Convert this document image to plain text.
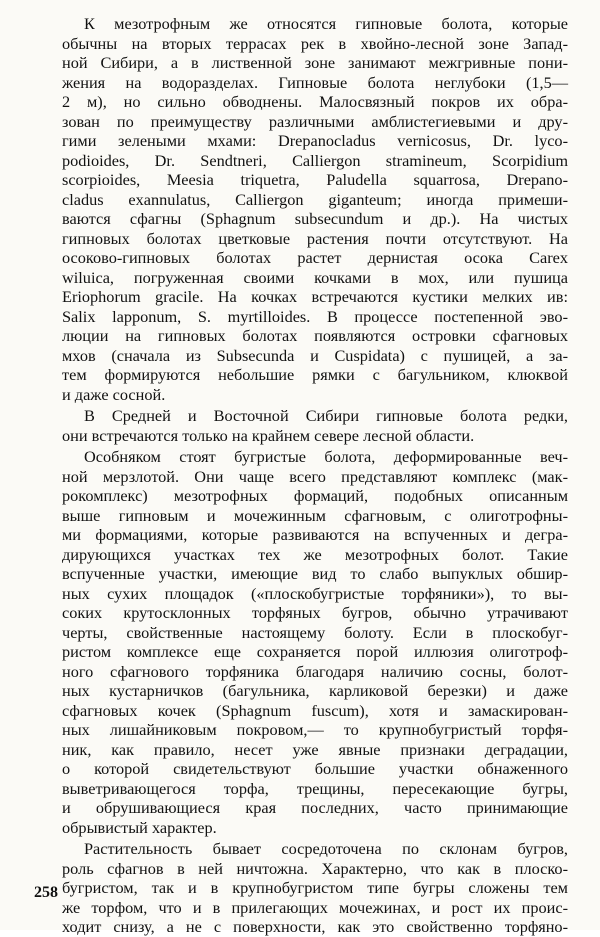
К мезотрофным же относятся гипновые болота, которые
обычны на вторых террасах рек в хвойно-лесной зоне Запад-
ной Сибири, а в лиственной зоне занимают межгривные пони-
жения на водоразделах. Гипновые болота неглубоки (1,5—
2 м), но сильно обводнены. Малосвязный покров их обра-
зован по преимуществу различными амблистегиевыми и дру-
гими зелеными мхами: Drepanocladus vernicosus, Dr. lyco-
podioides, Dr. Sendtneri, Calliergon stramineum, Scorpidium
scorpioides, Meesia triquetra, Paludella squarrosa, Drepano-
cladus exannulatus, Calliergon giganteum; иногда примеши-
ваются сфагны (Sphagnum subsecundum и др.). На чистых
гипновых болотах цветковые растения почти отсутствуют. На
осоково-гипновых болотах растет дернистая осока Carex
wiluica, погруженная своими кочками в мох, или пушица
Eriophorum gracile. На кочках встречаются кустики мелких ив:
Salix lapponum, S. myrtilloides. В процессе постепенной эво-
люции на гипновых болотах появляются островки сфагновых
мхов (сначала из Subsecunda и Cuspidata) с пушицей, а за-
тем формируются небольшие рямки с багульником, клюквой
и даже сосной.
В Средней и Восточной Сибири гипновые болота редки,
они встречаются только на крайнем севере лесной области.
Особняком стоят бугристые болота, деформированные веч-
ной мерзлотой. Они чаще всего представляют комплекс (мак-
рокомплекс) мезотрофных формаций, подобных описанным
выше гипновым и мочежинным сфагновым, с олиготрофны-
ми формациями, которые развиваются на вспученных и дегра-
дирующихся участках тех же мезотрофных болот. Такие
вспученные участки, имеющие вид то слабо выпуклых обшир-
ных сухих площадок («плоскобугристые торфяники»), то вы-
соких крутосклонных торфяных бугров, обычно утрачивают
черты, свойственные настоящему болоту. Если в плоскобуг-
ристом комплексе еще сохраняется порой иллюзия олиготроф-
ного сфагнового торфяника благодаря наличию сосны, болот-
ных кустарничков (багульника, карликовой березки) и даже
сфагновых кочек (Sphagnum fuscum), хотя и замаскирован-
ных лишайниковым покровом,— то крупнобугристый торфя-
ник, как правило, несет уже явные признаки деградации,
о которой свидетельствуют большие участки обнаженного
выветривающегося торфа, трещины, пересекающие бугры,
и обрушивающиеся края последних, часто принимающие
обрывистый характер.
Растительность бывает сосредоточена по склонам бугров,
роль сфагнов в ней ничтожна. Характерно, что как в плоско-
бугристом, так и в крупнобугристом типе бугры сложены тем
же торфом, что и в прилегающих мочежинах, и рост их проис-
ходит снизу, а не с поверхности, как это свойственно торфяно-
258
